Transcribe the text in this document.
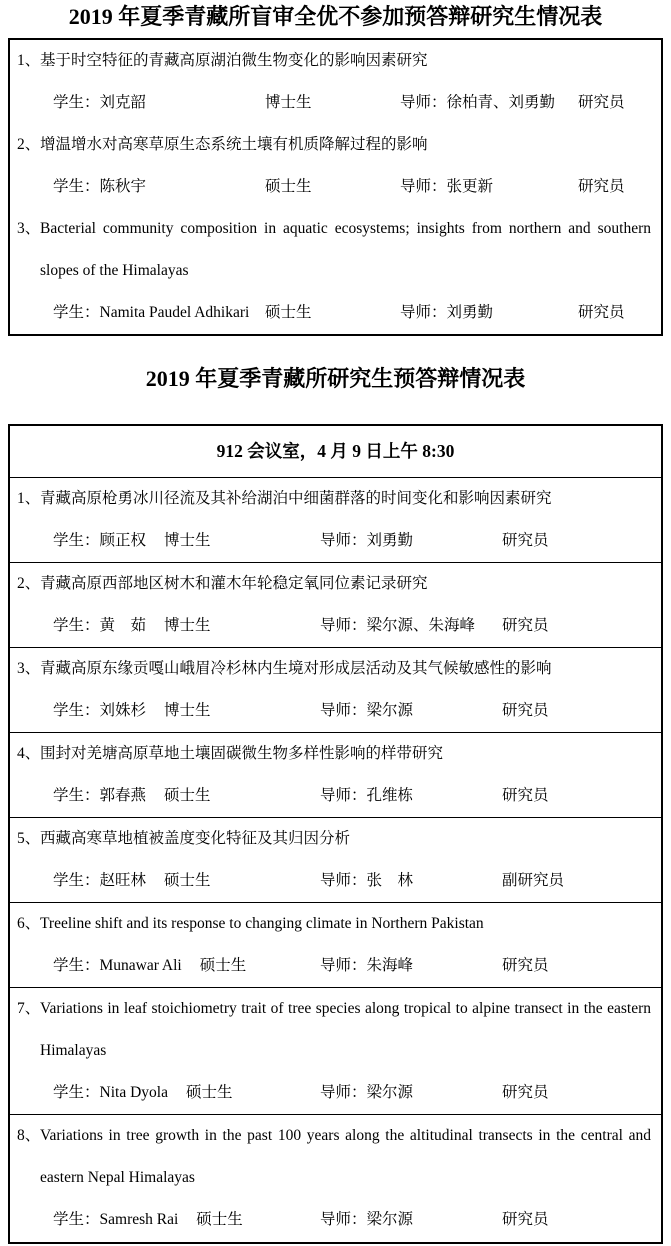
2019 年夏季青藏所盲审全优不参加预答辩研究生情况表
1、 基于时空特征的青藏高原湖泊微生物变化的影响因素研究
学生：刘克韶	博士生	导师：徐柏青、刘勇勤	研究员
2、 增温增水对高寒草原生态系统土壤有机质降解过程的影响
学生：陈秋宇	硕士生	导师：张更新	研究员
3、 Bacterial community composition in aquatic ecosystems; insights from northern and southern slopes of the Himalayas
学生：Namita Paudel Adhikari	硕士生	导师：刘勇勤	研究员
2019 年夏季青藏所研究生预答辩情况表
912 会议室，4 月 9 日上午 8:30
1、 青藏高原枪勇冰川径流及其补给湖泊中细菌群落的时间变化和影响因素研究
学生：顾正权 博士生	导师：刘勇勤	研究员
2、 青藏高原西部地区树木和灌木年轮稳定氧同位素记录研究
学生：黄　茹 博士生	导师：梁尔源、朱海峰	研究员
3、 青藏高原东缘贡嘎山峨眉冷杉林内生境对形成层活动及其气候敏感性的影响
学生：刘姝杉 博士生	导师：梁尔源	研究员
4、 围封对羌塘高原草地土壤固碳微生物多样性影响的样带研究
学生：郭春燕 硕士生	导师：孔维栋	研究员
5、 西藏高寒草地植被盖度变化特征及其归因分析
学生：赵旺林 硕士生	导师：张　林	副研究员
6、 Treeline shift and its response to changing climate in Northern Pakistan
学生：Munawar Ali 硕士生	导师：朱海峰	研究员
7、 Variations in leaf stoichiometry trait of tree species along tropical to alpine transect in the eastern Himalayas
学生：Nita Dyola 硕士生	导师：梁尔源	研究员
8、 Variations in tree growth in the past 100 years along the altitudinal transects in the central and eastern Nepal Himalayas
学生：Samresh Rai 硕士生	导师：梁尔源	研究员
